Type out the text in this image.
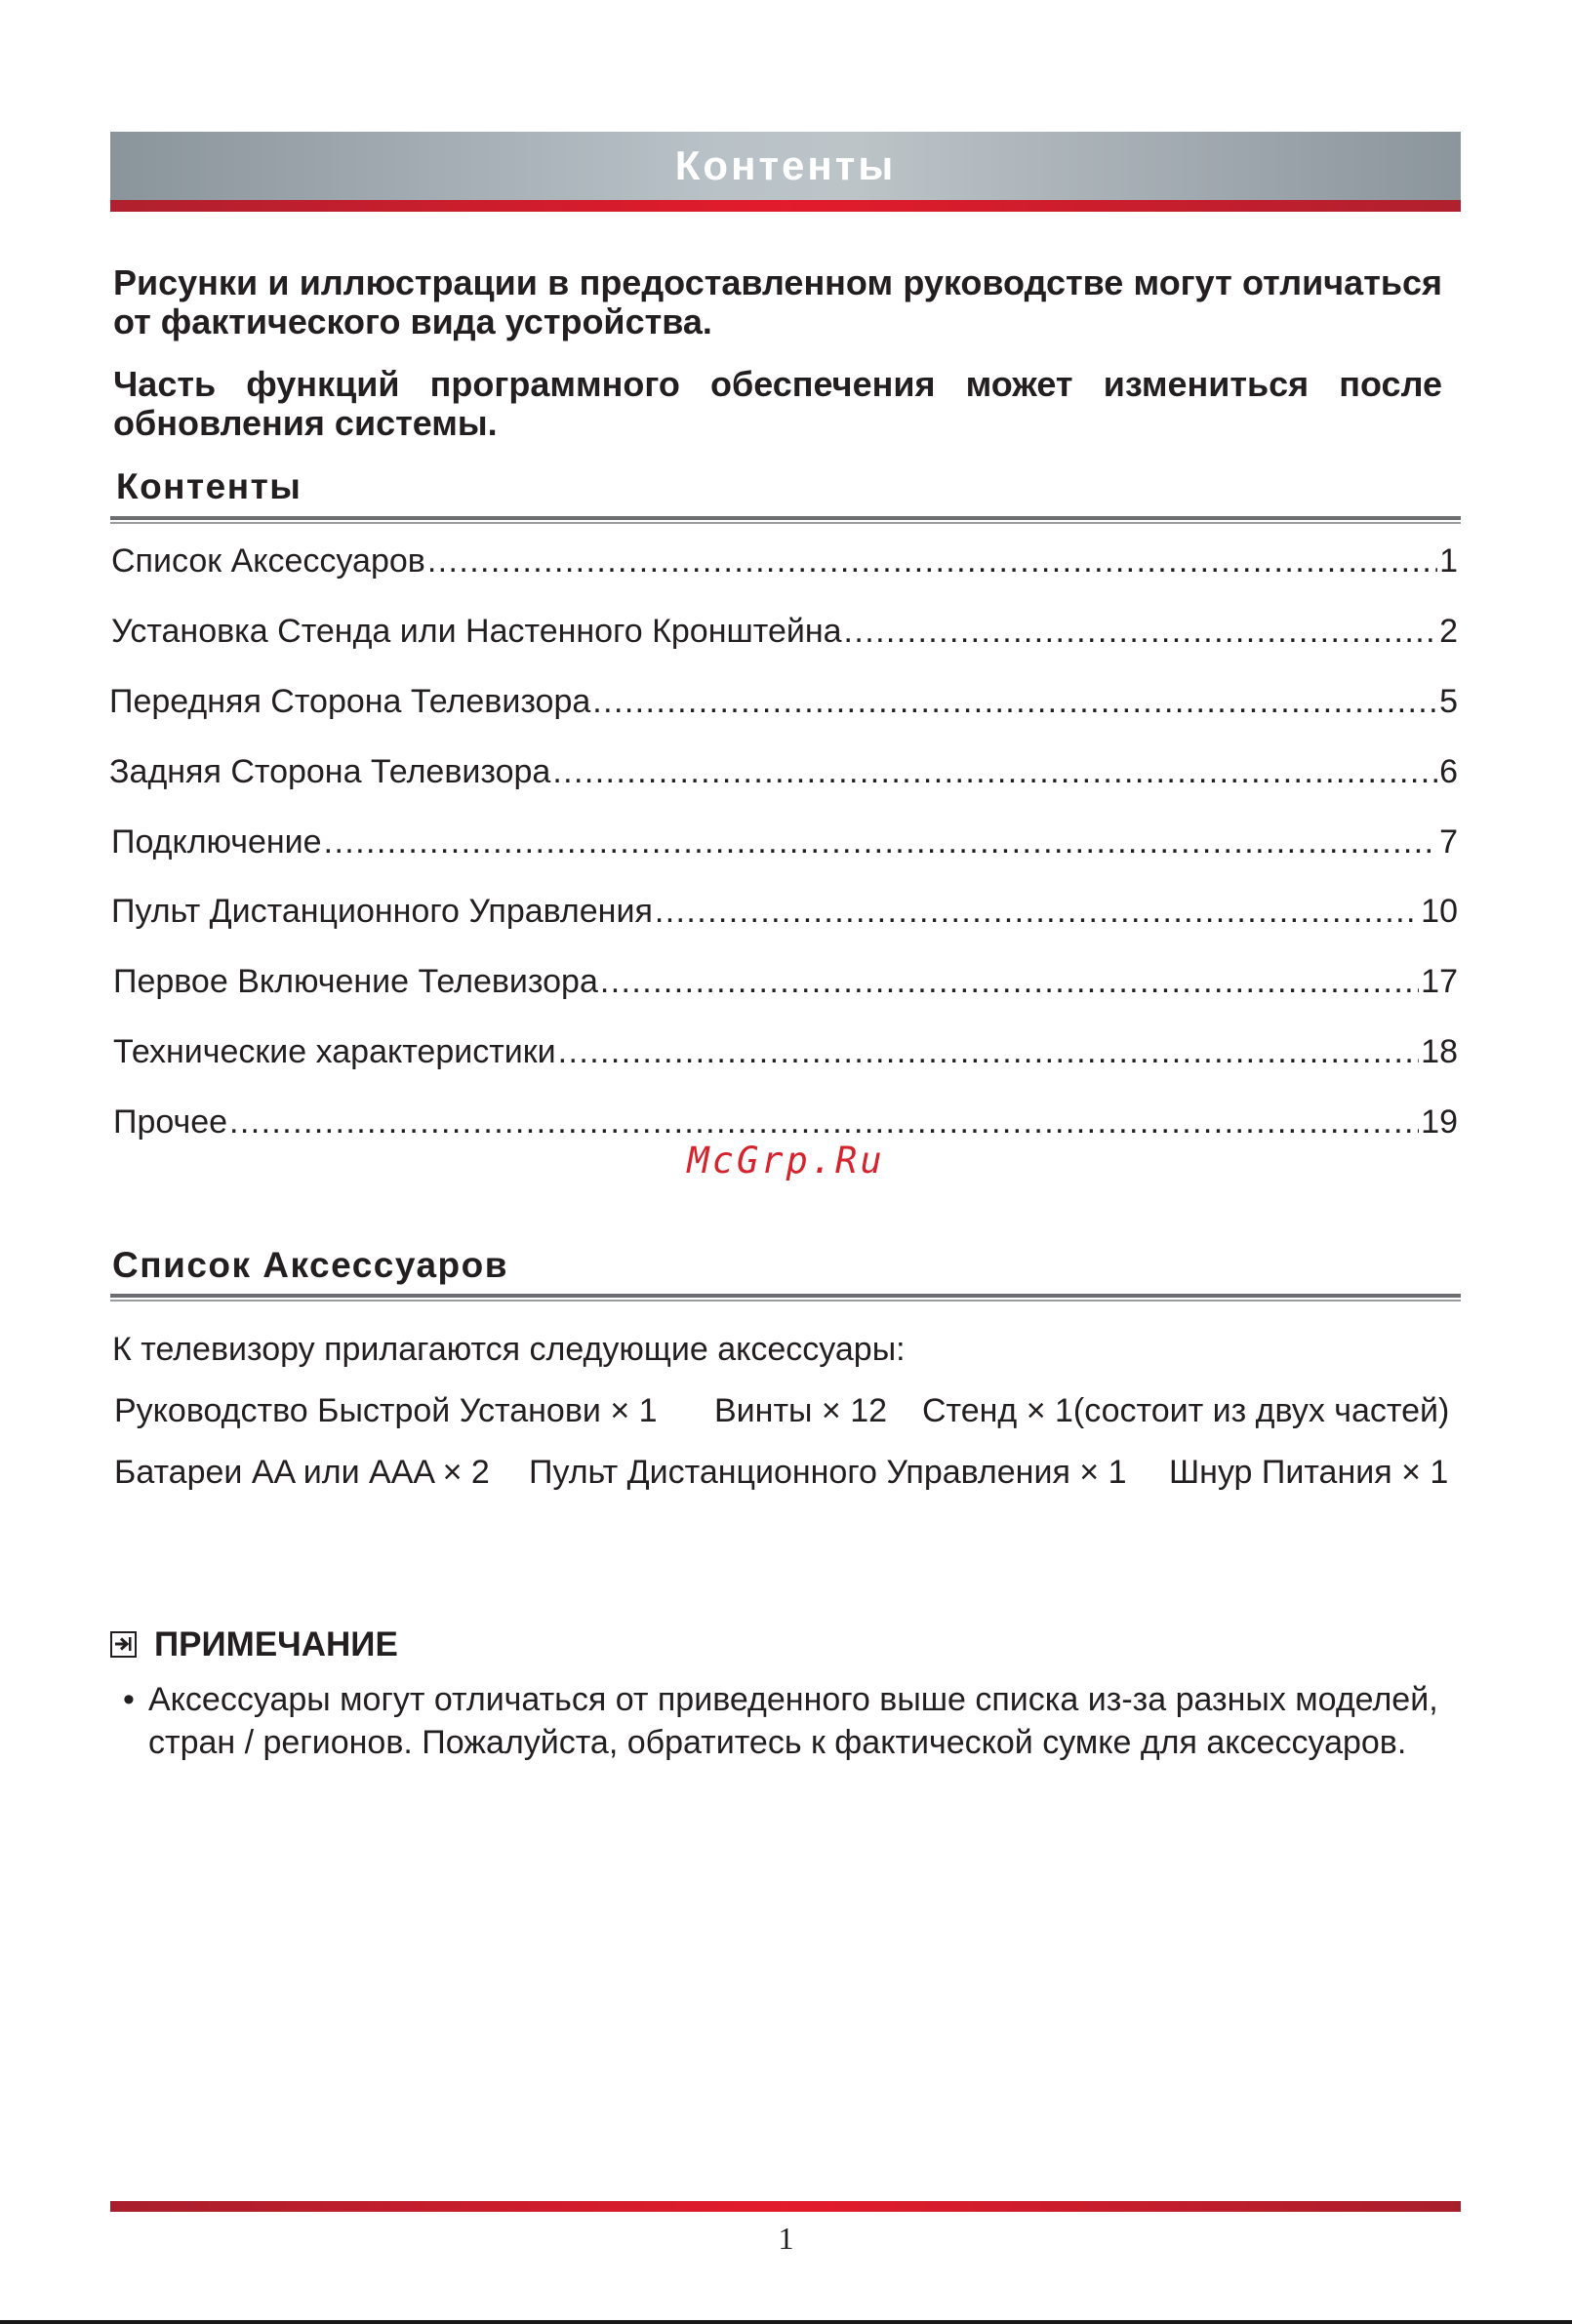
Контенты
Рисунки и иллюстрации в предоставленном руководстве могут отличаться от фактического вида устройства.
Часть функций программного обеспечения может измениться после обновления системы.
Контенты
Список Аксессуаров .....	1
Установка Стенда или Настенного Кронштейна .....	2
Передняя Сторона Телевизора .....	5
Задняя Сторона Телевизора .....	6
Подключение .....	7
Пульт Дистанционного Управления .....	10
Первое Включение Телевизора .....	17
Технические характеристики .....	18
Прочее .....	19
McGrp.Ru
Список Аксессуаров
К телевизору прилагаются следующие аксессуары:
Руководство Быстрой Установи × 1 Винты × 12 Стенд × 1(состоит из двух частей)
Батареи AA или AAA × 2 Пульт Дистанционного Управления × 1 Шнур Питания × 1
ПРИМЕЧАНИЕ
• Аксессуары могут отличаться от приведенного выше списка из-за разных моделей, стран / регионов. Пожалуйста, обратитесь к фактической сумке для аксессуаров.
1
